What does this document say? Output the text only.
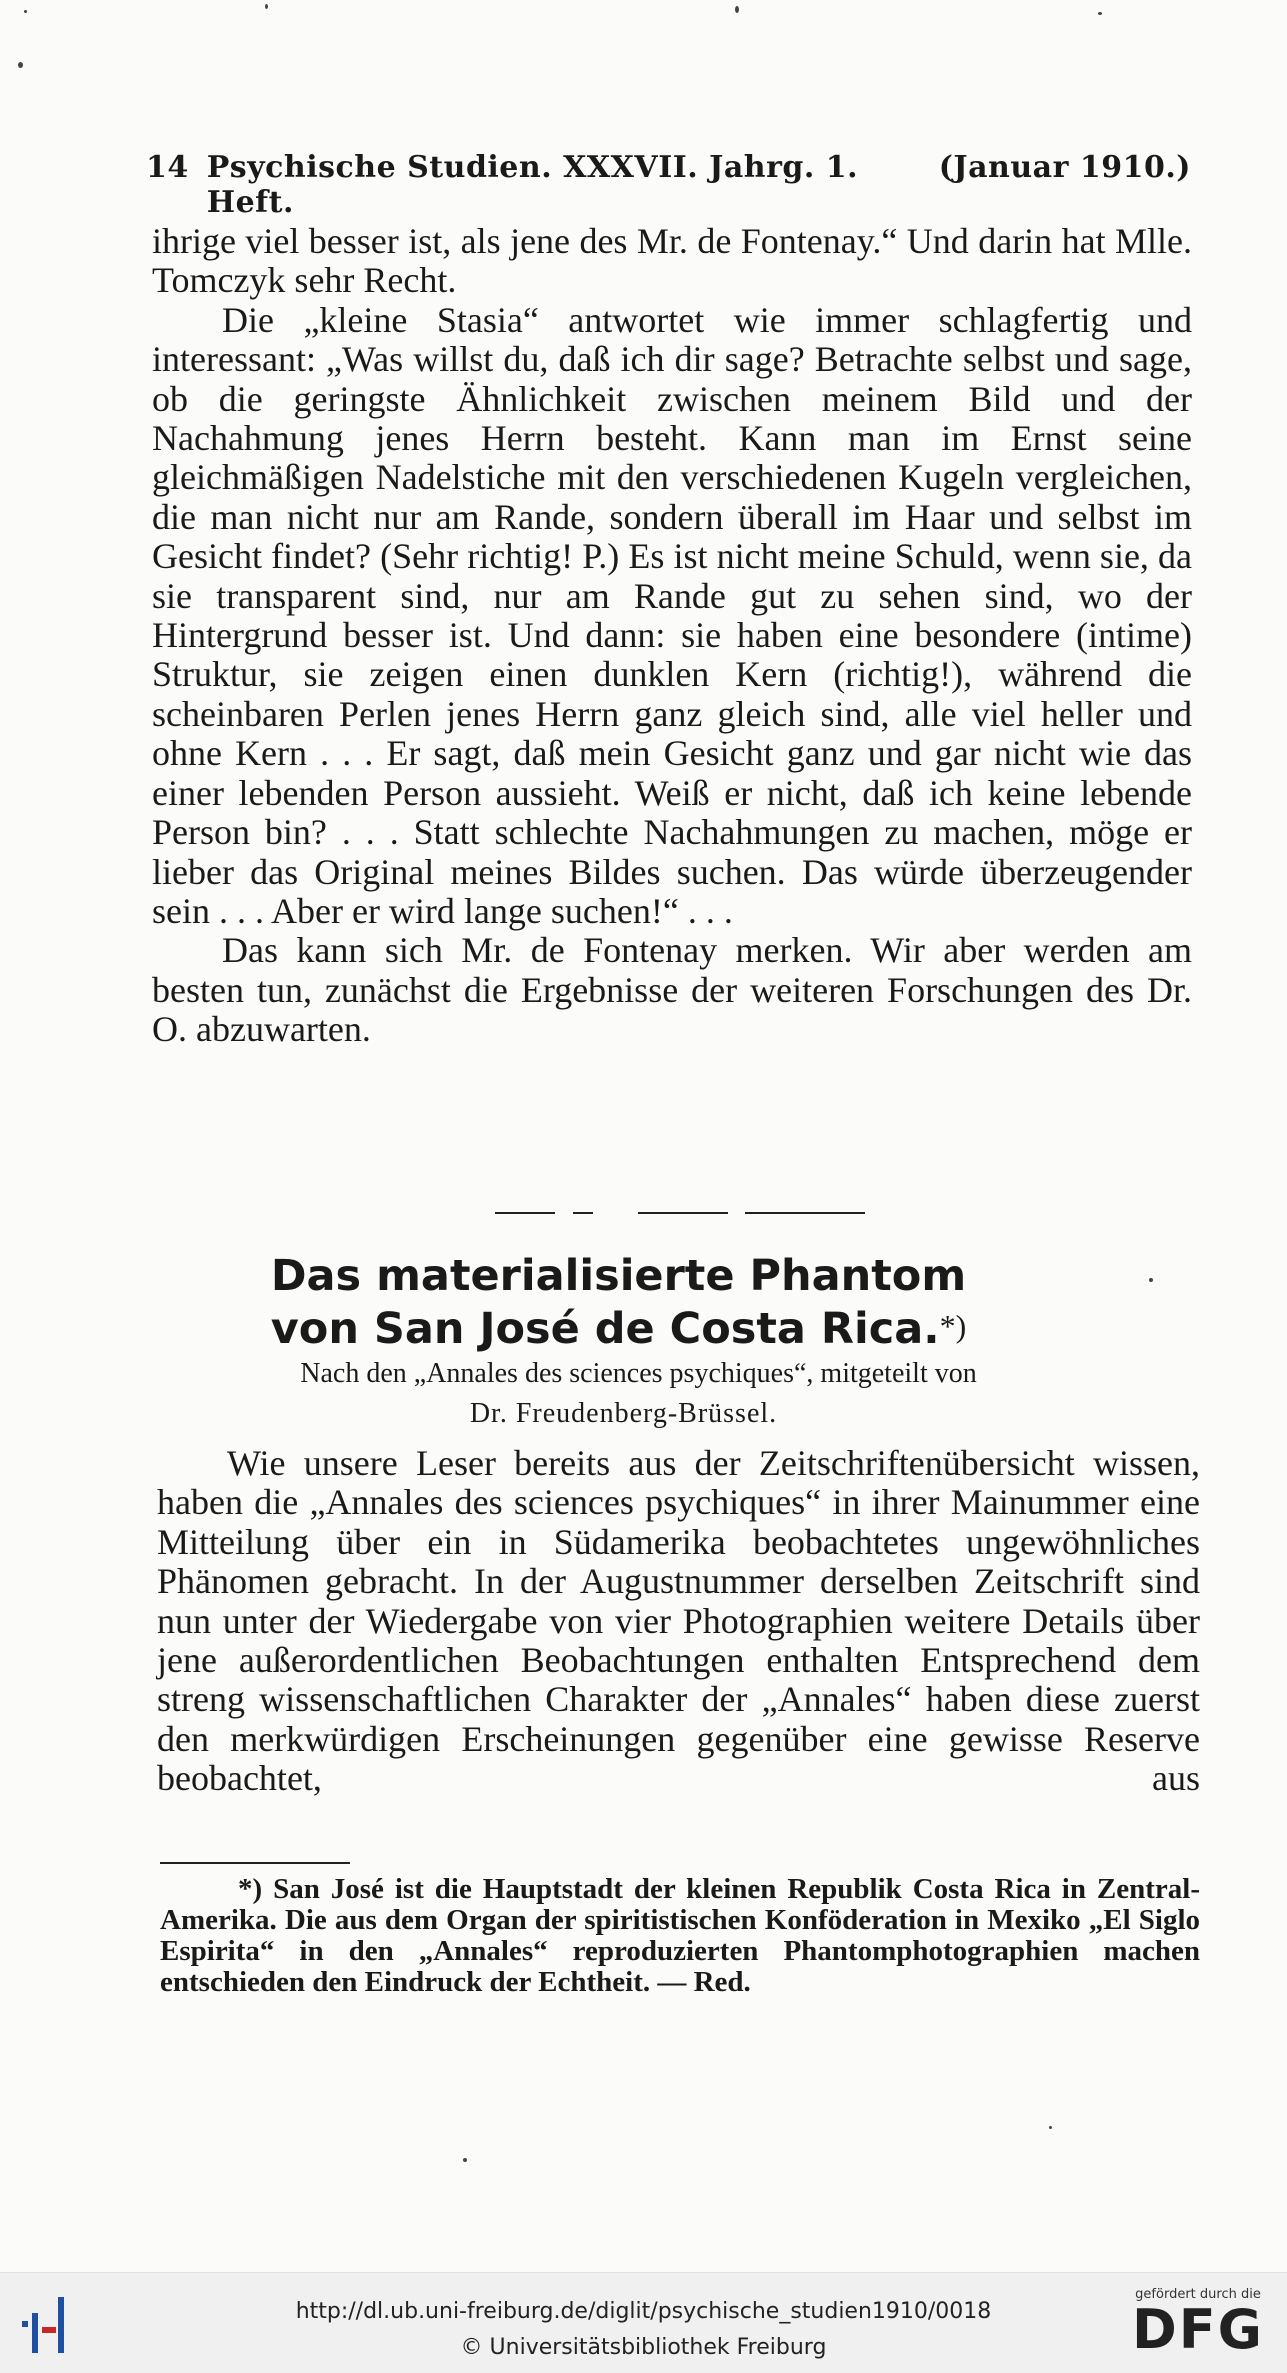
14 Psychische Studien. XXXVII. Jahrg. 1. Heft.
(Januar 1910.)

ihrige viel besser ist, als jene des Mr. de Fontenay.“ Und darin hat Mlle. Tomczyk sehr Recht.

Die „kleine Stasia“ antwortet wie immer schlagfertig und interessant: „Was willst du, daß ich dir sage? Betrachte selbst und sage, ob die geringste Ähnlichkeit zwischen meinem Bild und der Nachahmung jenes Herrn besteht. Kann man im Ernst seine gleichmäßigen Nadelstiche mit den verschiedenen Kugeln vergleichen, die man nicht nur am Rande, sondern überall im Haar und selbst im Gesicht findet? (Sehr richtig! P.) Es ist nicht meine Schuld, wenn sie, da sie transparent sind, nur am Rande gut zu sehen sind, wo der Hintergrund besser ist. Und dann: sie haben eine besondere (intime) Struktur, sie zeigen einen dunklen Kern (richtig!), während die scheinbaren Perlen jenes Herrn ganz gleich sind, alle viel heller und ohne Kern . . . Er sagt, daß mein Gesicht ganz und gar nicht wie das einer lebenden Person aussieht. Weiß er nicht, daß ich keine lebende Person bin? . . . Statt schlechte Nachahmungen zu machen, möge er lieber das Original meines Bildes suchen. Das würde überzeugender sein . . . Aber er wird lange suchen!“ . . .

Das kann sich Mr. de Fontenay merken. Wir aber werden am besten tun, zunächst die Ergebnisse der weiteren Forschungen des Dr. O. abzuwarten.

Das materialisierte Phantom
von San José de Costa Rica.*)
Nach den „Annales des sciences psychiques“, mitgeteilt von
Dr. Freudenberg-Brüssel.

Wie unsere Leser bereits aus der Zeitschriftenübersicht wissen, haben die „Annales des sciences psychiques“ in ihrer Mainummer eine Mitteilung über ein in Südamerika beobachtetes ungewöhnliches Phänomen gebracht. In der Augustnummer derselben Zeitschrift sind nun unter der Wiedergabe von vier Photographien weitere Details über jene außerordentlichen Beobachtungen enthalten Entsprechend dem streng wissenschaftlichen Charakter der „Annales“ haben diese zuerst den merkwürdigen Erscheinungen gegenüber eine gewisse Reserve beobachtet, aus

*) San José ist die Hauptstadt der kleinen Republik Costa Rica in Zentral-Amerika. Die aus dem Organ der spiritistischen Konföderation in Mexiko „El Siglo Espirita“ in den „Annales“ reproduzierten Phantomphotographien machen entschieden den Eindruck der Echtheit. — Red.

http://dl.ub.uni-freiburg.de/diglit/psychische_studien1910/0018
© Universitätsbibliothek Freiburg
gefördert durch die
DFG
